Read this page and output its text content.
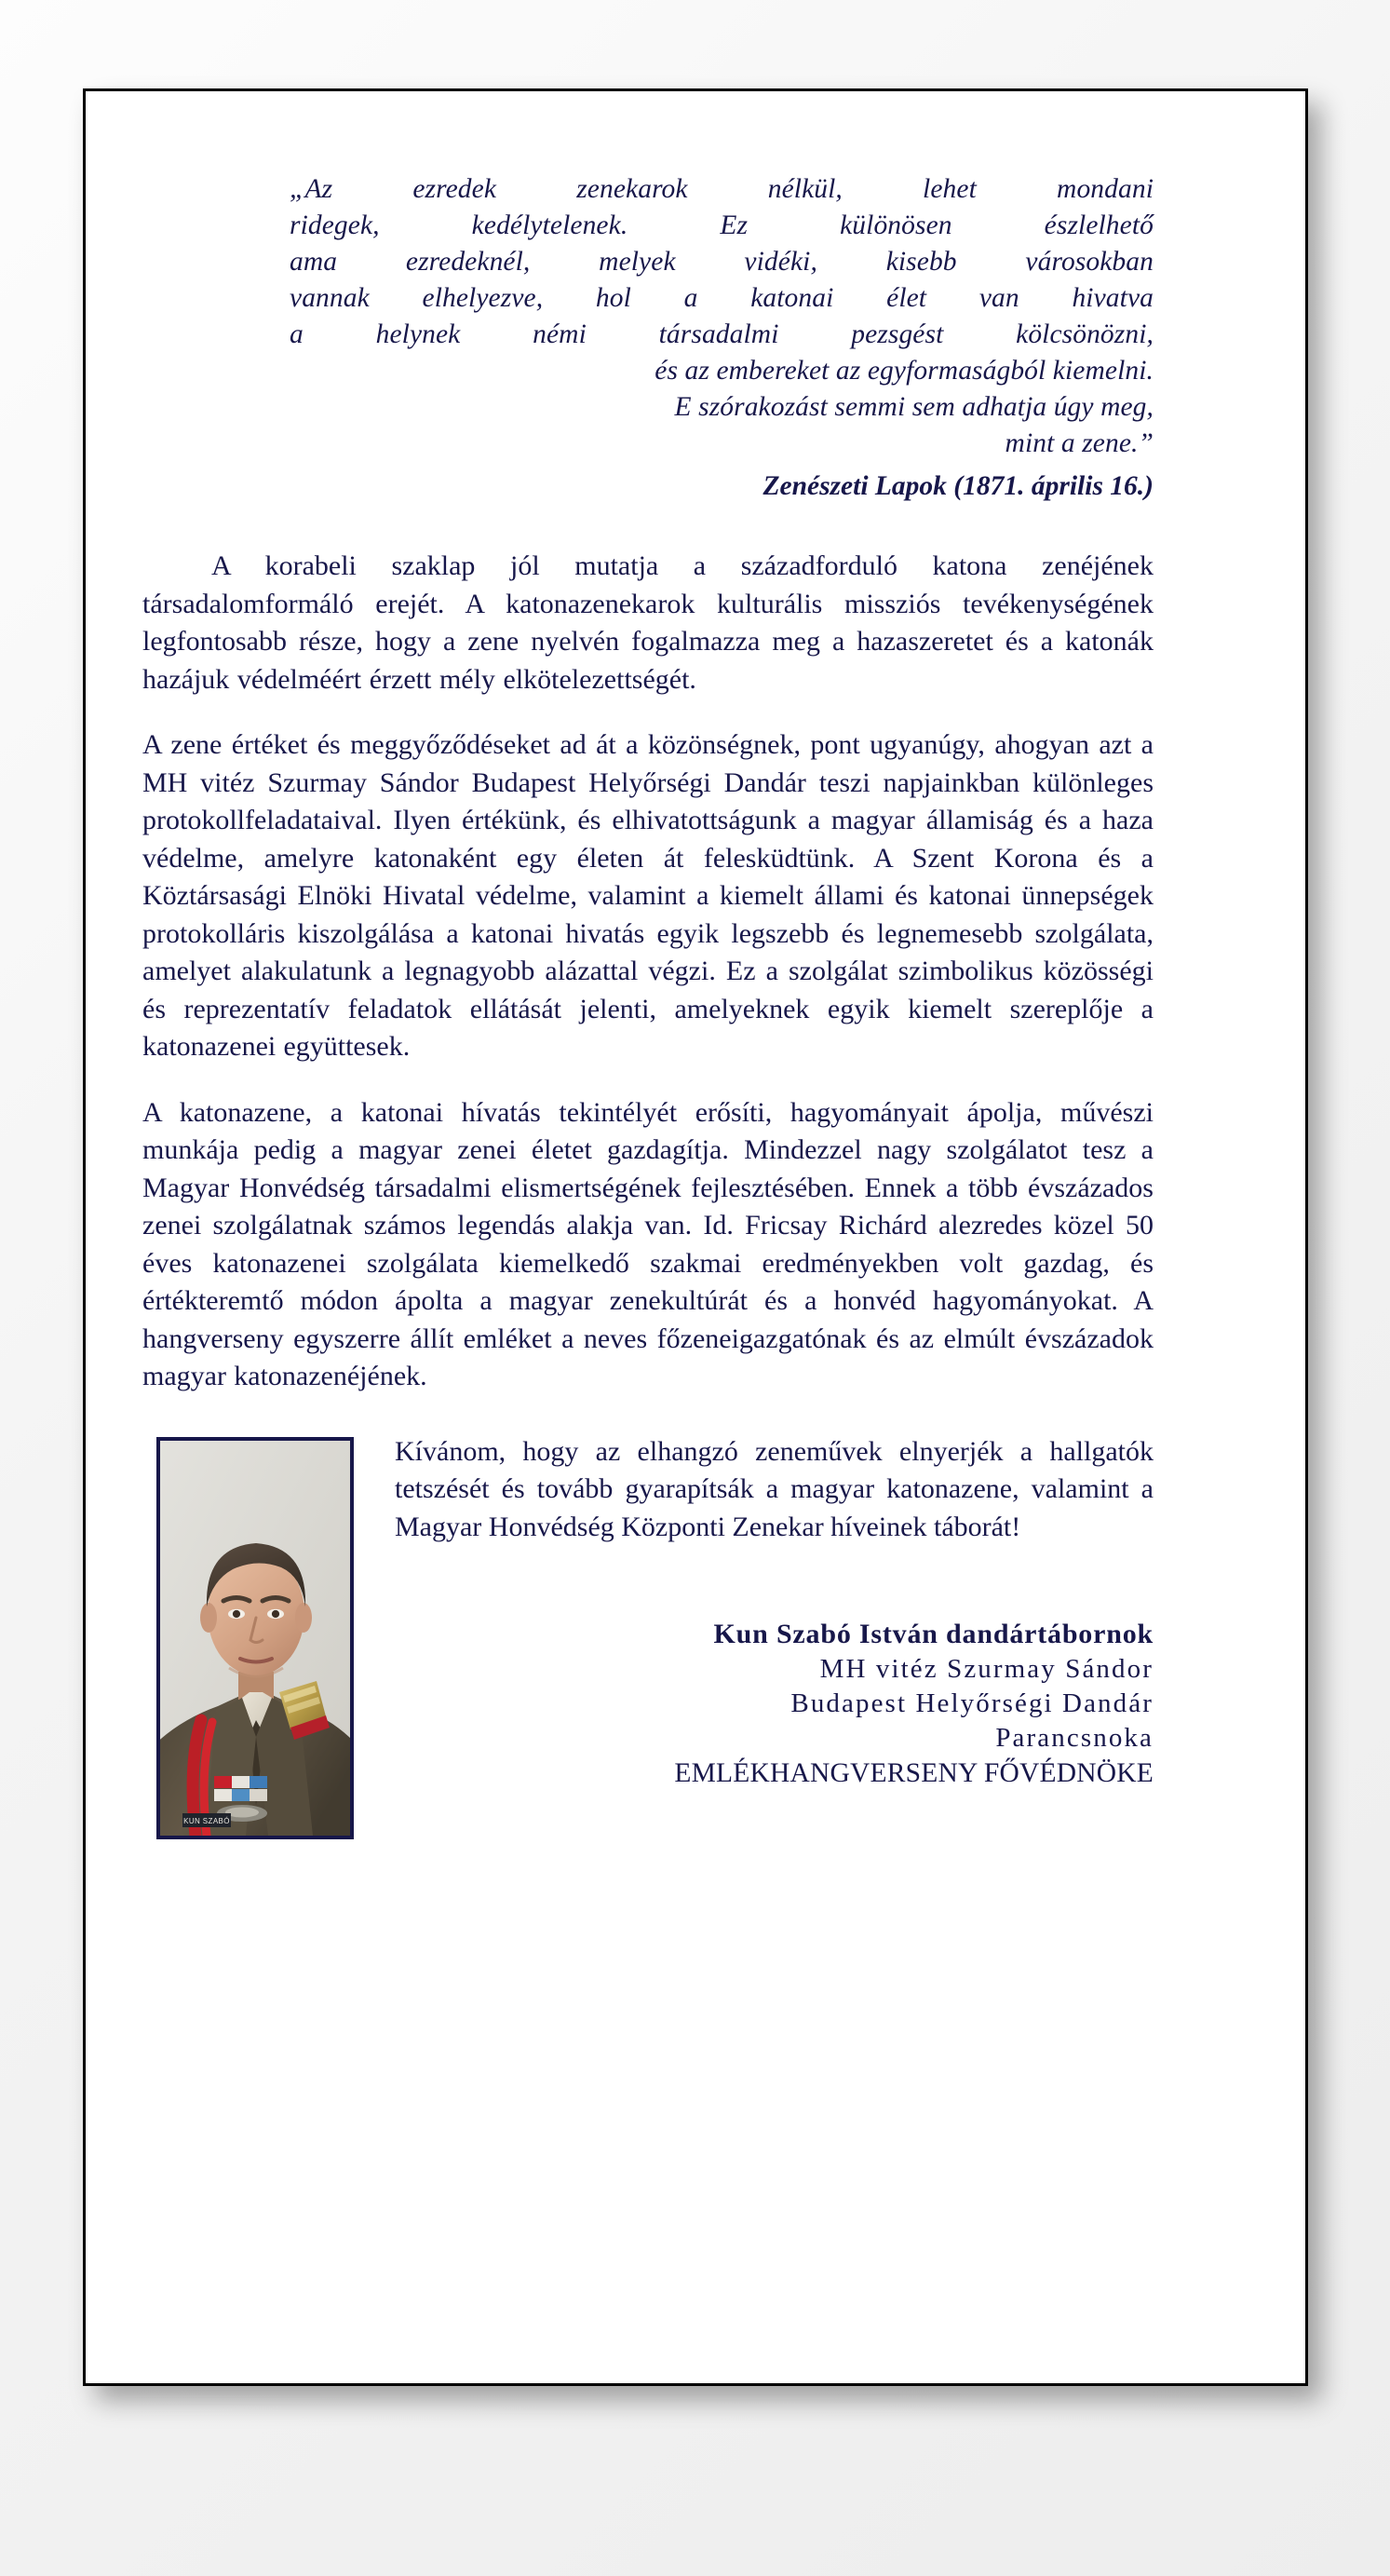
„Az ezredek zenekarok nélkül, lehet mondani
ridegek, kedélytelenek. Ez különösen észlelhető
ama ezredeknél, melyek vidéki, kisebb városokban
vannak elhelyezve, hol a katonai élet van hivatva
a helynek némi társadalmi pezsgést kölcsönözni,
és az embereket az egyformaságból kiemelni.
E szórakozást semmi sem adhatja úgy meg,
mint a zene.”
Zenészeti Lapok (1871. április 16.)

A korabeli szaklap jól mutatja a századforduló katona zenéjének társadalomformáló erejét. A katonazenekarok kulturális missziós tevékenységének legfontosabb része, hogy a zene nyelvén fogalmazza meg a hazaszeretet és a katonák hazájuk védelméért érzett mély elkötelezettségét.

A zene értéket és meggyőződéseket ad át a közönségnek, pont ugyanúgy, ahogyan azt a MH vitéz Szurmay Sándor Budapest Helyőrségi Dandár teszi napjainkban különleges protokollfeladataival. Ilyen értékünk, és elhivatottságunk a magyar államiság és a haza védelme, amelyre katonaként egy életen át felesküdtünk. A Szent Korona és a Köztársasági Elnöki Hivatal védelme, valamint a kiemelt állami és katonai ünnepségek protokolláris kiszolgálása a katonai hivatás egyik legszebb és legnemesebb szolgálata, amelyet alakulatunk a legnagyobb alázattal végzi. Ez a szolgálat szimbolikus közösségi és reprezentatív feladatok ellátását jelenti, amelyeknek egyik kiemelt szereplője a katonazenei együttesek.

A katonazene, a katonai hívatás tekintélyét erősíti, hagyományait ápolja, művészi munkája pedig a magyar zenei életet gazdagítja. Mindezzel nagy szolgálatot tesz a Magyar Honvédség társadalmi elismertségének fejlesztésében. Ennek a több évszázados zenei szolgálatnak számos legendás alakja van. Id. Fricsay Richárd alezredes közel 50 éves katonazenei szolgálata kiemelkedő szakmai eredményekben volt gazdag, és értékteremtő módon ápolta a magyar zenekultúrát és a honvéd hagyományokat. A hangverseny egyszerre állít emléket a neves főzeneigazgatónak és az elmúlt évszázadok magyar katonazenéjének.

KUN SZABÓ

Kívánom, hogy az elhangzó zeneművek elnyerjék a hallgatók tetszését és tovább gyarapítsák a magyar katonazene, valamint a Magyar Honvédség Központi Zenekar híveinek táborát!

Kun Szabó István dandártábornok
MH vitéz Szurmay Sándor
Budapest Helyőrségi Dandár
Parancsnoka
EMLÉKHANGVERSENY FŐVÉDNÖKE
